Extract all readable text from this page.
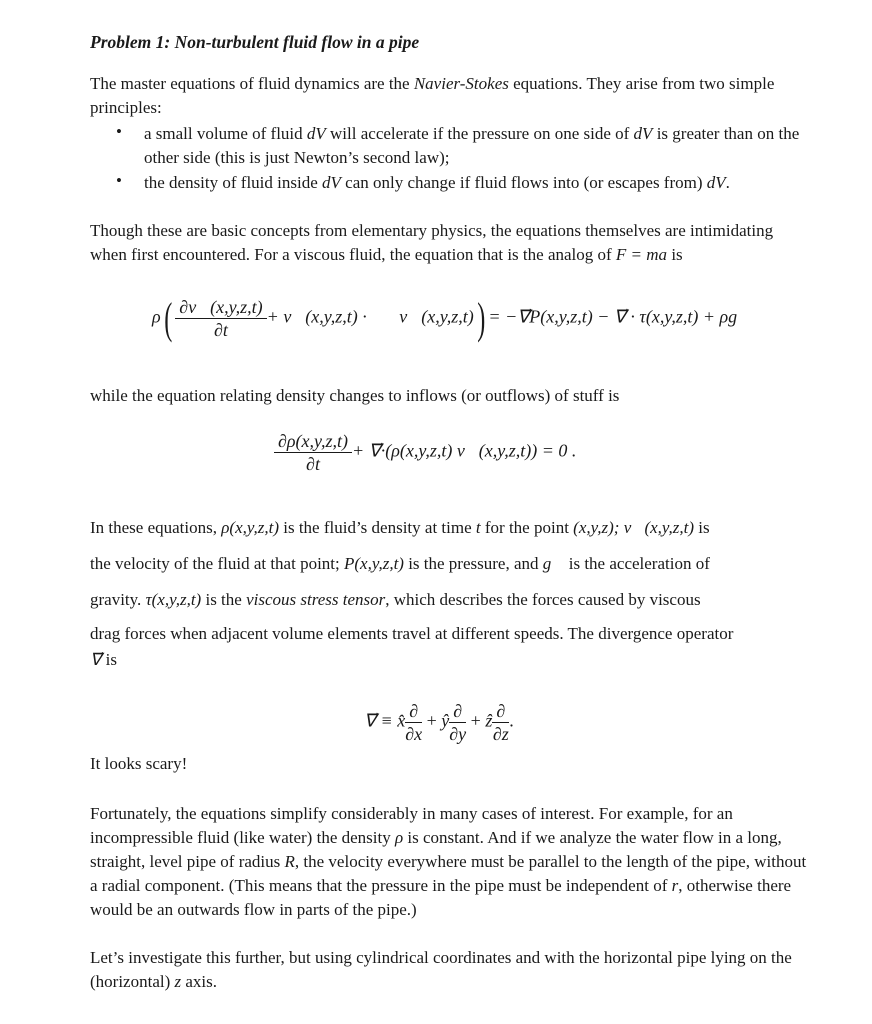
Problem 1: Non-turbulent fluid flow in a pipe
The master equations of fluid dynamics are the Navier-Stokes equations. They arise from two simple principles:
• a small volume of fluid dV will accelerate if the pressure on one side of dV is greater than on the other side (this is just Newton’s second law);
• the density of fluid inside dV can only change if fluid flows into (or escapes from) dV.
Though these are basic concepts from elementary physics, the equations themselves are intimidating when first encountered. For a viscous fluid, the equation that is the analog of F = ma is
$\rho( \frac{\partial v⃗(x,y,z,t)}{\partial t}$ + v⃗(x,y,z,t) · ∇⃗v⃗(x,y,z,t)) = −∇⃗P(x,y,z,t) − ∇⃗ · τ(x,y,z,t) + ρg⃗
while the equation relating density changes to inflows (or outflows) of stuff is
$\frac{\partial\rho(x,y,z,t)}{\partial t}$ + ∇⃗·(ρ(x,y,z,t) v⃗(x,y,z,t)) = 0 .
In these equations, ρ(x,y,z,t) is the fluid’s density at time t for the point (x,y,z); v⃗(x,y,z,t) is
the velocity of the fluid at that point; P(x,y,z,t) is the pressure, and g⃗ is the acceleration of
gravity. τ(x,y,z,t) is the viscous stress tensor, which describes the forces caused by viscous
drag forces when adjacent volume elements travel at different speeds. The divergence operator
∇⃗ is
∇⃗ ≡ x̂ $\frac{\partial}{\partial x}$ + ŷ $\frac{\partial}{\partial y}$ + ẑ $\frac{\partial}{\partial z}$ .
It looks scary!
Fortunately, the equations simplify considerably in many cases of interest. For example, for an incompressible fluid (like water) the density ρ is constant. And if we analyze the water flow in a long, straight, level pipe of radius R, the velocity everywhere must be parallel to the length of the pipe, without a radial component. (This means that the pressure in the pipe must be independent of r, otherwise there would be an outwards flow in parts of the pipe.)
Let’s investigate this further, but using cylindrical coordinates and with the horizontal pipe lying on the (horizontal) z axis.
